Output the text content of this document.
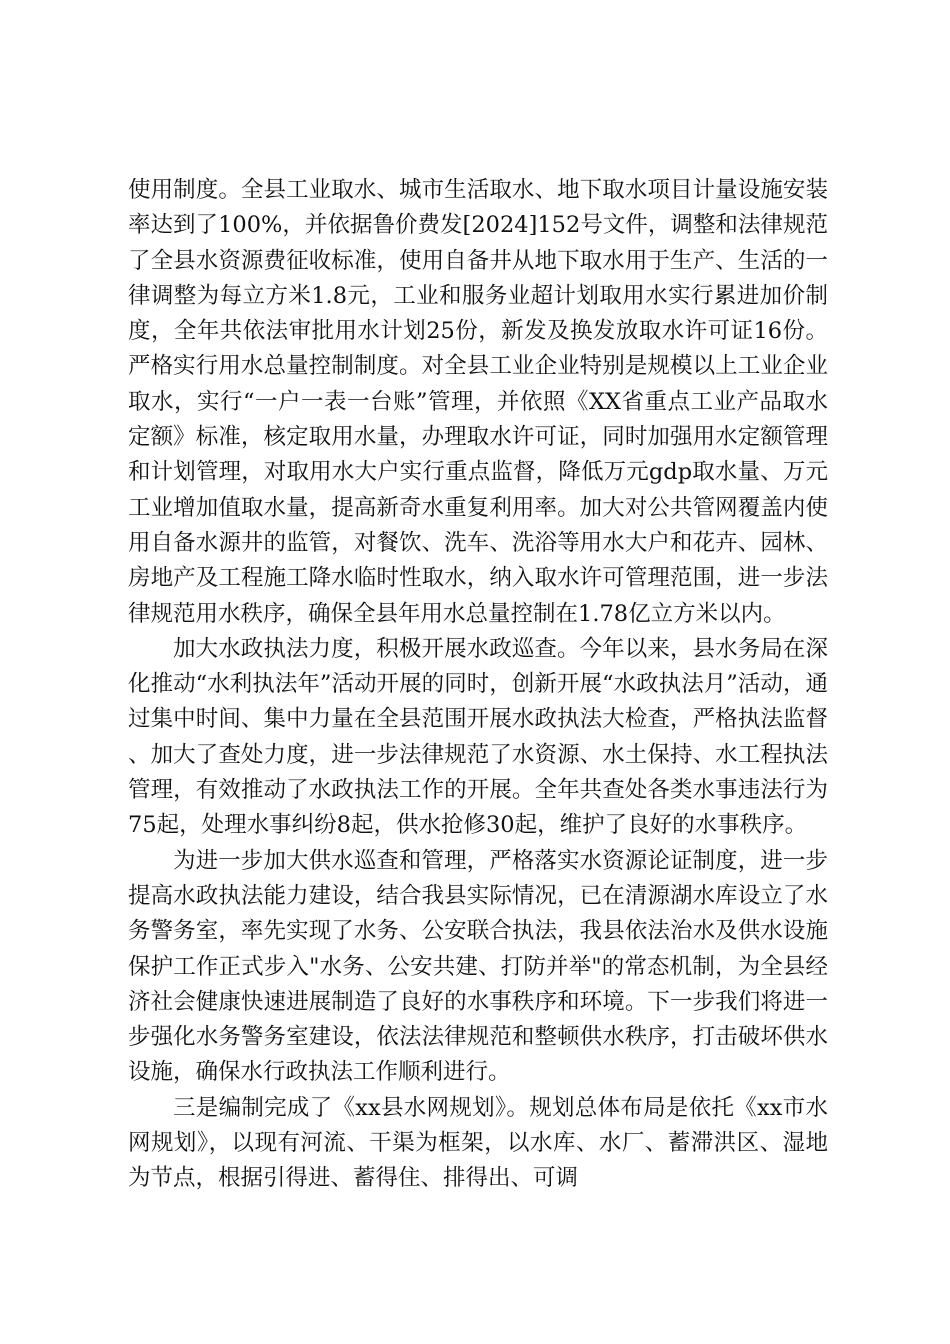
使用制度。全县工业取水、城市生活取水、地下取水项目计量设施安装率达到了100%，并依据鲁价费发[2024]152号文件，调整和法律规范了全县水资源费征收标准，使用自备井从地下取水用于生产、生活的一律调整为每立方米1.8元，工业和服务业超计划取用水实行累进加价制度，全年共依法审批用水计划25份，新发及换发放取水许可证16份。严格实行用水总量控制制度。对全县工业企业特别是规模以上工业企业取水，实行“一户一表一台账”管理，并依照《XX省重点工业产品取水定额》标准，核定取用水量，办理取水许可证，同时加强用水定额管理和计划管理，对取用水大户实行重点监督，降低万元gdp取水量、万元工业增加值取水量，提高新奇水重复利用率。加大对公共管网覆盖内使用自备水源井的监管，对餐饮、洗车、洗浴等用水大户和花卉、园林、房地产及工程施工降水临时性取水，纳入取水许可管理范围，进一步法律规范用水秩序，确保全县年用水总量控制在1.78亿立方米以内。

加大水政执法力度，积极开展水政巡查。今年以来，县水务局在深化推动“水利执法年”活动开展的同时，创新开展“水政执法月”活动，通过集中时间、集中力量在全县范围开展水政执法大检查，严格执法监督、加大了查处力度，进一步法律规范了水资源、水土保持、水工程执法管理，有效推动了水政执法工作的开展。全年共查处各类水事违法行为75起，处理水事纠纷8起，供水抢修30起，维护了良好的水事秩序。

为进一步加大供水巡查和管理，严格落实水资源论证制度，进一步提高水政执法能力建设，结合我县实际情况，已在清源湖水库设立了水务警务室，率先实现了水务、公安联合执法，我县依法治水及供水设施保护工作正式步入"水务、公安共建、打防并举"的常态机制，为全县经济社会健康快速进展制造了良好的水事秩序和环境。下一步我们将进一步强化水务警务室建设，依法法律规范和整顿供水秩序，打击破坏供水设施，确保水行政执法工作顺利进行。

三是编制完成了《xx县水网规划》。规划总体布局是依托《xx市水网规划》，以现有河流、干渠为框架，以水库、水厂、蓄滞洪区、湿地为节点，根据引得进、蓄得住、排得出、可调
